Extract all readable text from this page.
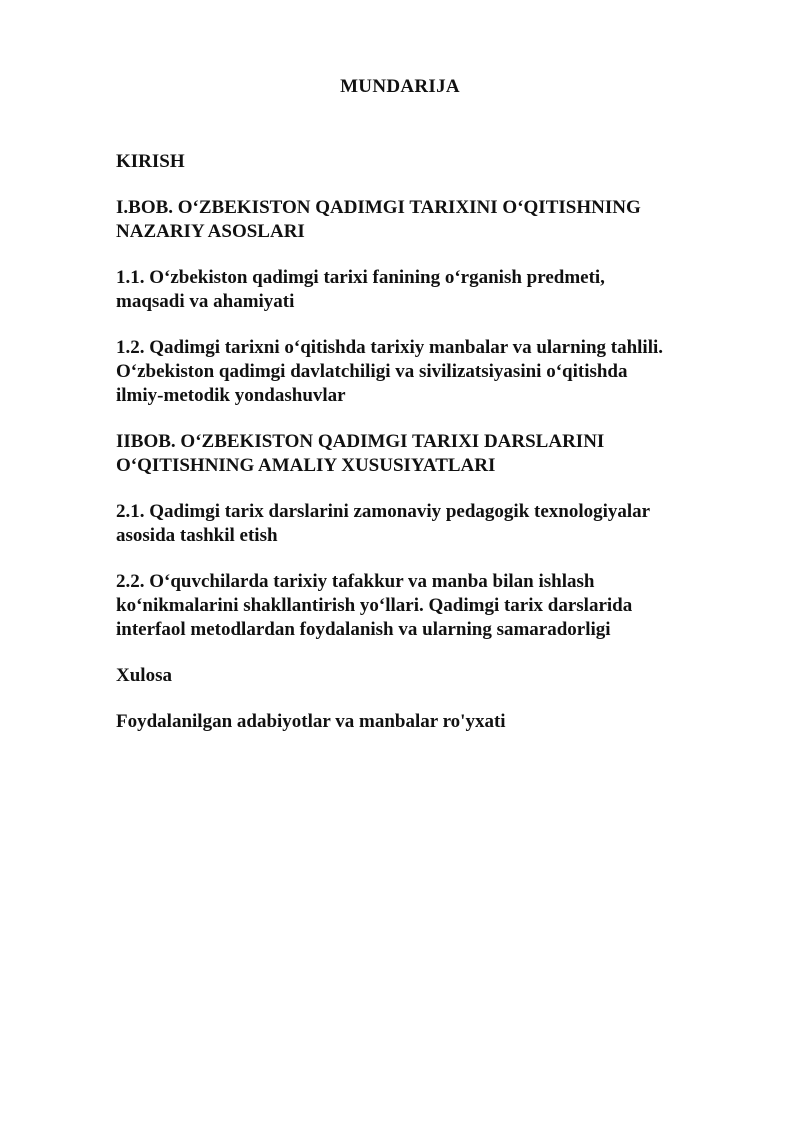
MUNDARIJA
KIRISH
I.BOB. O‘ZBEKISTON QADIMGI TARIXINI O‘QITISHNING
NAZARIY ASOSLARI
1.1. O‘zbekiston qadimgi tarixi fanining o‘rganish predmeti,
maqsadi va ahamiyati
1.2. Qadimgi tarixni o‘qitishda tarixiy manbalar va ularning tahlili.
O‘zbekiston qadimgi davlatchiligi va sivilizatsiyasini o‘qitishda
ilmiy-metodik yondashuvlar
IIBOB. O‘ZBEKISTON QADIMGI TARIXI DARSLARINI
O‘QITISHNING AMALIY XUSUSIYATLARI
2.1. Qadimgi tarix darslarini zamonaviy pedagogik texnologiyalar
asosida tashkil etish
2.2. O‘quvchilarda tarixiy tafakkur va manba bilan ishlash
ko‘nikmalarini shakllantirish yo‘llari. Qadimgi tarix darslarida
interfaol metodlardan foydalanish va ularning samaradorligi
Xulosa
Foydalanilgan adabiyotlar va manbalar ro'yxati
